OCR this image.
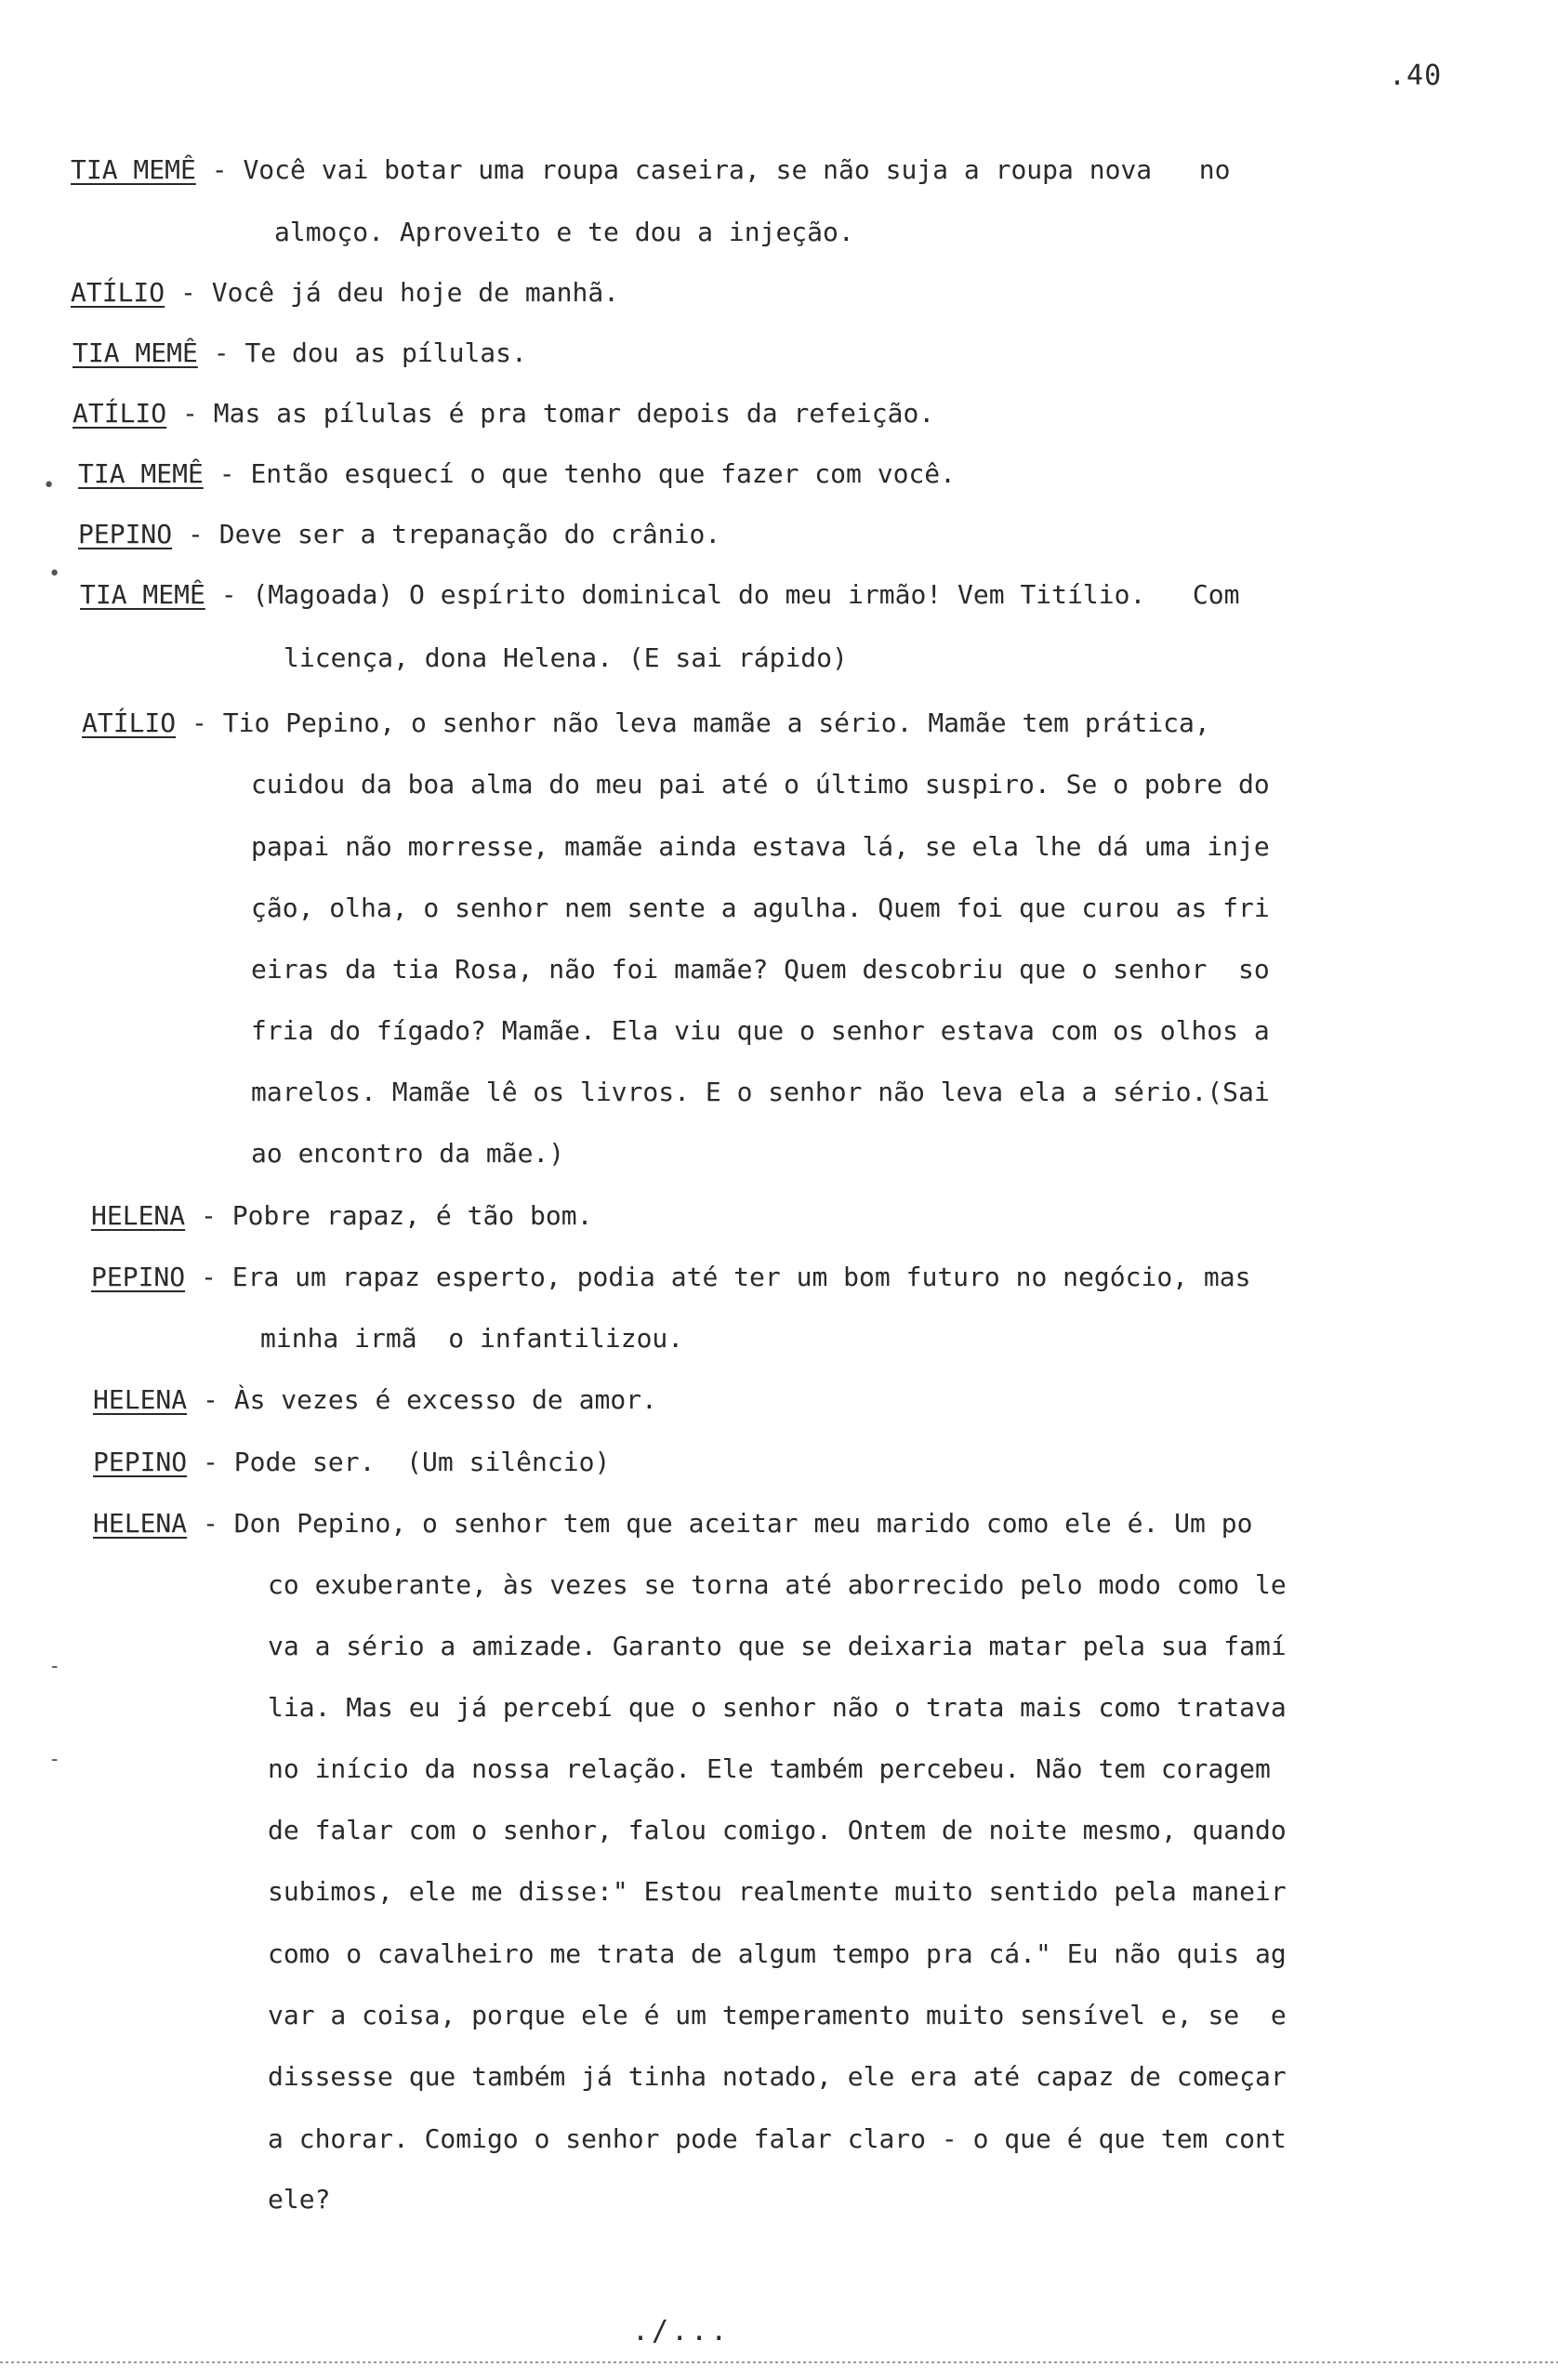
.40
TIA MEMÊ - Você vai botar uma roupa caseira, se não suja a roupa nova   no
almoço. Aproveito e te dou a injeção.
ATÍLIO - Você já deu hoje de manhã.
TIA MEMÊ - Te dou as pílulas.
ATÍLIO - Mas as pílulas é pra tomar depois da refeição.
TIA MEMÊ - Então esquecí o que tenho que fazer com você.
PEPINO - Deve ser a trepanação do crânio.
TIA MEMÊ - (Magoada) O espírito dominical do meu irmão! Vem Titílio.   Com
licença, dona Helena. (E sai rápido)
ATÍLIO - Tio Pepino, o senhor não leva mamãe a sério. Mamãe tem prática,
cuidou da boa alma do meu pai até o último suspiro. Se o pobre do
papai não morresse, mamãe ainda estava lá, se ela lhe dá uma inje
ção, olha, o senhor nem sente a agulha. Quem foi que curou as fri
eiras da tia Rosa, não foi mamãe? Quem descobriu que o senhor  so
fria do fígado? Mamãe. Ela viu que o senhor estava com os olhos a
marelos. Mamãe lê os livros. E o senhor não leva ela a sério.(Sai
ao encontro da mãe.)
HELENA - Pobre rapaz, é tão bom.
PEPINO - Era um rapaz esperto, podia até ter um bom futuro no negócio, mas
minha irmã  o infantilizou.
HELENA - Às vezes é excesso de amor.
PEPINO - Pode ser.  (Um silêncio)
HELENA - Don Pepino, o senhor tem que aceitar meu marido como ele é. Um po
co exuberante, às vezes se torna até aborrecido pelo modo como le
va a sério a amizade. Garanto que se deixaria matar pela sua famí
lia. Mas eu já percebí que o senhor não o trata mais como tratava
no início da nossa relação. Ele também percebeu. Não tem coragem
de falar com o senhor, falou comigo. Ontem de noite mesmo, quando
subimos, ele me disse:" Estou realmente muito sentido pela maneir
como o cavalheiro me trata de algum tempo pra cá." Eu não quis ag
var a coisa, porque ele é um temperamento muito sensível e, se  e
dissesse que também já tinha notado, ele era até capaz de começar
a chorar. Comigo o senhor pode falar claro - o que é que tem cont
ele?
•
•
-
-
./...
